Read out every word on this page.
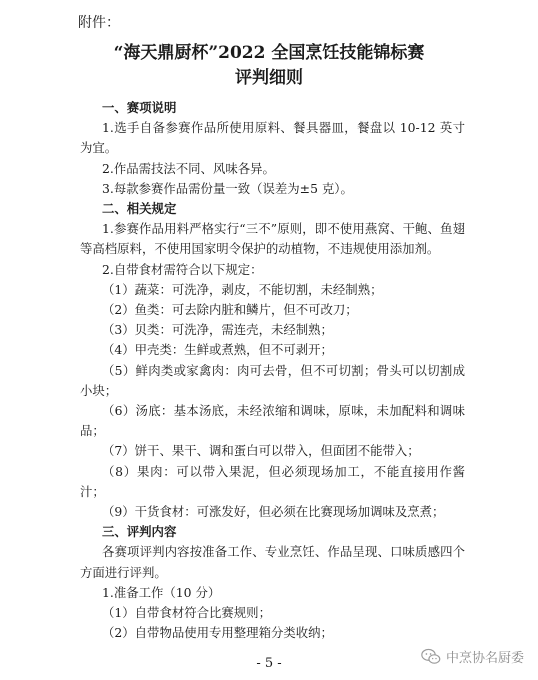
附件：
“海天鼎厨杯”2022 全国烹饪技能锦标赛
评判细则

一、赛项说明

1.选手自备参赛作品所使用原料、餐具器皿，餐盘以 10-12 英寸为宜。

2.作品需技法不同、风味各异。

3.每款参赛作品需份量一致（误差为±5 克）。

二、相关规定

1.参赛作品用料严格实行“三不”原则，即不使用燕窝、干鲍、鱼翅等高档原料，不使用国家明令保护的动植物，不违规使用添加剂。

2.自带食材需符合以下规定：

（1）蔬菜：可洗净，剥皮，不能切割，未经制熟；

（2）鱼类：可去除内脏和鳞片，但不可改刀；

（3）贝类：可洗净，需连壳，未经制熟；

（4）甲壳类：生鲜或煮熟，但不可剥开；

（5）鲜肉类或家禽肉：肉可去骨，但不可切割；骨头可以切割成小块；

（6）汤底：基本汤底，未经浓缩和调味，原味，未加配料和调味品；

（7）饼干、果干、调和蛋白可以带入，但面团不能带入；

（8）果肉：可以带入果泥，但必须现场加工，不能直接用作酱汁；

（9）干货食材：可涨发好，但必须在比赛现场加调味及烹煮；

三、评判内容

各赛项评判内容按准备工作、专业烹饪、作品呈现、口味质感四个方面进行评判。

1.准备工作（10 分）

（1）自带食材符合比赛规则；

（2）自带物品使用专用整理箱分类收纳；

- 5 -	中烹协名厨委
